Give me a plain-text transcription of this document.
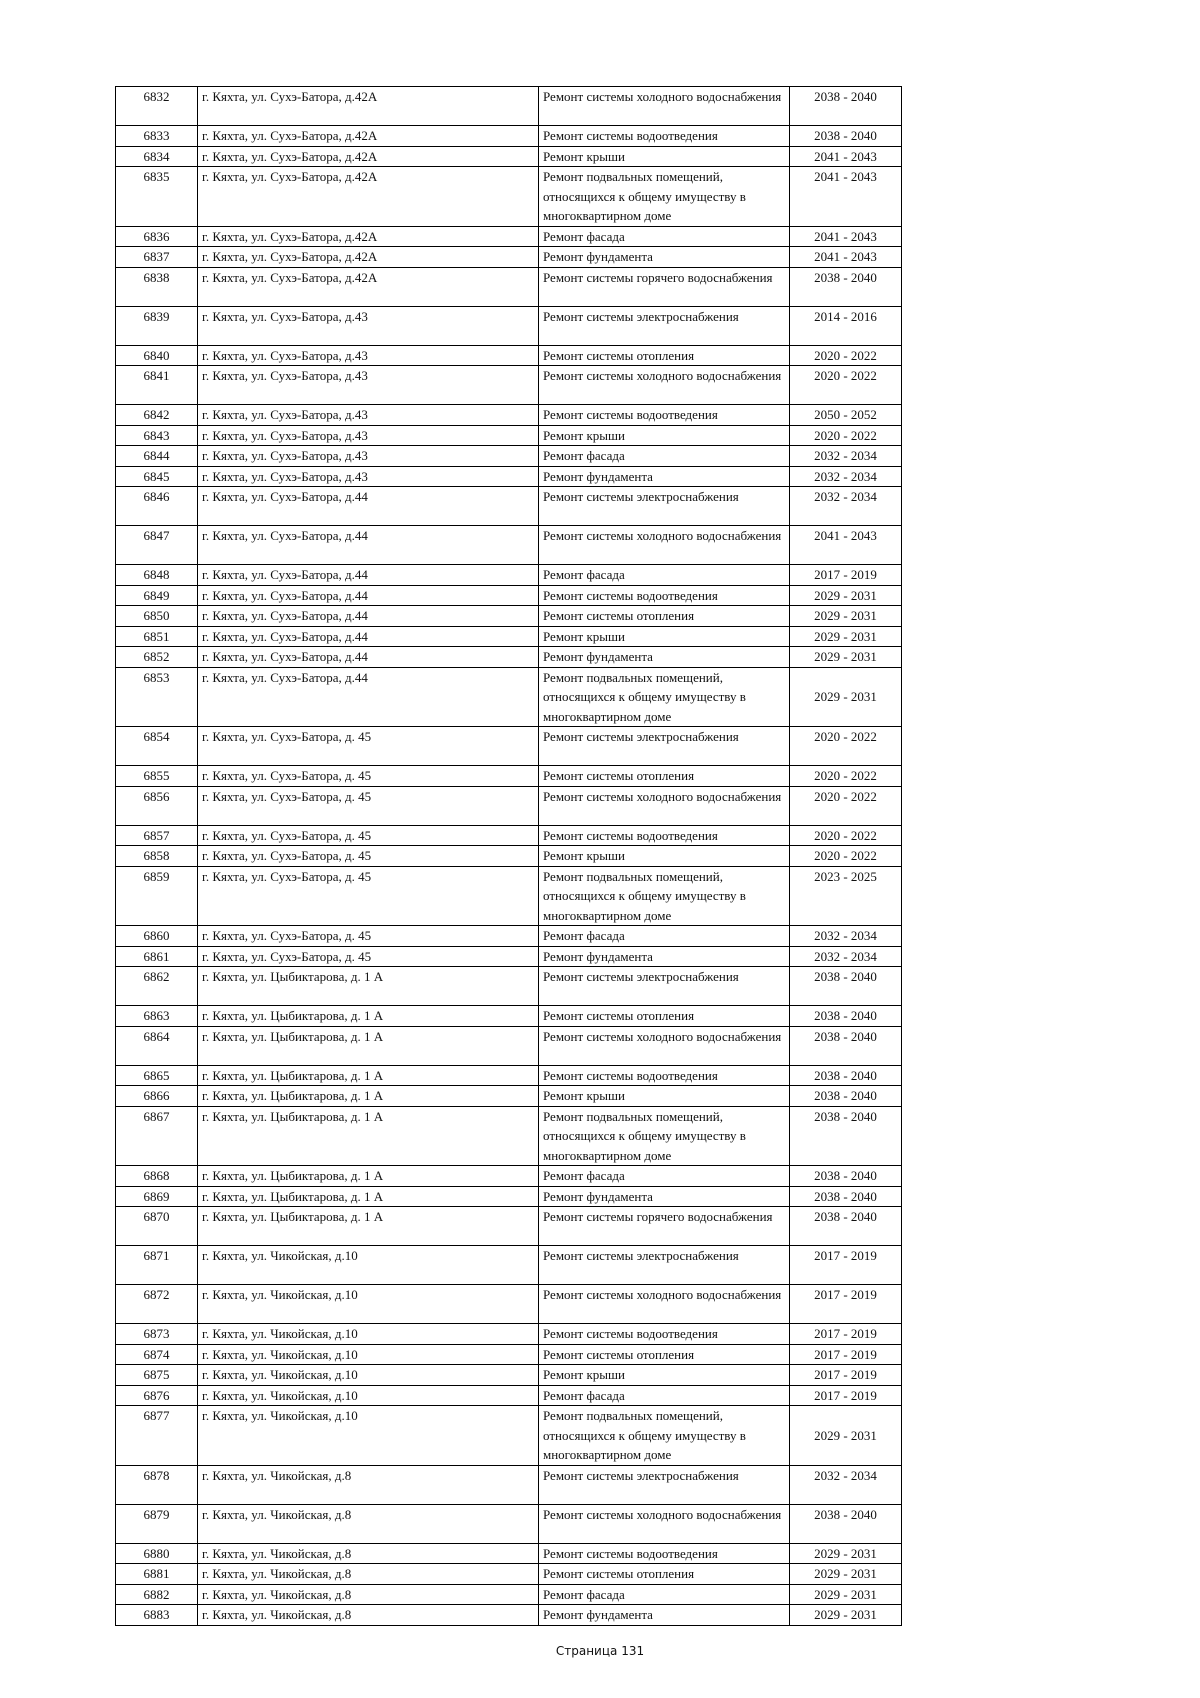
6832	г. Кяхта, ул. Сухэ-Батора, д.42А	Ремонт системы холодного водоснабжения	2038 - 2040
6833	г. Кяхта, ул. Сухэ-Батора, д.42А	Ремонт системы водоотведения	2038 - 2040
6834	г. Кяхта, ул. Сухэ-Батора, д.42А	Ремонт крыши	2041 - 2043
6835	г. Кяхта, ул. Сухэ-Батора, д.42А	Ремонт подвальных помещений, относящихся к общему имуществу в многоквартирном доме	2041 - 2043
6836	г. Кяхта, ул. Сухэ-Батора, д.42А	Ремонт фасада	2041 - 2043
6837	г. Кяхта, ул. Сухэ-Батора, д.42А	Ремонт фундамента	2041 - 2043
6838	г. Кяхта, ул. Сухэ-Батора, д.42А	Ремонт системы горячего водоснабжения	2038 - 2040
6839	г. Кяхта, ул. Сухэ-Батора, д.43	Ремонт системы электроснабжения	2014 - 2016
6840	г. Кяхта, ул. Сухэ-Батора, д.43	Ремонт системы отопления	2020 - 2022
6841	г. Кяхта, ул. Сухэ-Батора, д.43	Ремонт системы холодного водоснабжения	2020 - 2022
6842	г. Кяхта, ул. Сухэ-Батора, д.43	Ремонт системы водоотведения	2050 - 2052
6843	г. Кяхта, ул. Сухэ-Батора, д.43	Ремонт крыши	2020 - 2022
6844	г. Кяхта, ул. Сухэ-Батора, д.43	Ремонт фасада	2032 - 2034
6845	г. Кяхта, ул. Сухэ-Батора, д.43	Ремонт фундамента	2032 - 2034
6846	г. Кяхта, ул. Сухэ-Батора, д.44	Ремонт системы электроснабжения	2032 - 2034
6847	г. Кяхта, ул. Сухэ-Батора, д.44	Ремонт системы холодного водоснабжения	2041 - 2043
6848	г. Кяхта, ул. Сухэ-Батора, д.44	Ремонт фасада	2017 - 2019
6849	г. Кяхта, ул. Сухэ-Батора, д.44	Ремонт системы водоотведения	2029 - 2031
6850	г. Кяхта, ул. Сухэ-Батора, д.44	Ремонт системы отопления	2029 - 2031
6851	г. Кяхта, ул. Сухэ-Батора, д.44	Ремонт крыши	2029 - 2031
6852	г. Кяхта, ул. Сухэ-Батора, д.44	Ремонт фундамента	2029 - 2031
6853	г. Кяхта, ул. Сухэ-Батора, д.44	Ремонт подвальных помещений, относящихся к общему имуществу в многоквартирном доме	2029 - 2031
6854	г. Кяхта, ул. Сухэ-Батора, д. 45	Ремонт системы электроснабжения	2020 - 2022
6855	г. Кяхта, ул. Сухэ-Батора, д. 45	Ремонт системы отопления	2020 - 2022
6856	г. Кяхта, ул. Сухэ-Батора, д. 45	Ремонт системы холодного водоснабжения	2020 - 2022
6857	г. Кяхта, ул. Сухэ-Батора, д. 45	Ремонт системы водоотведения	2020 - 2022
6858	г. Кяхта, ул. Сухэ-Батора, д. 45	Ремонт крыши	2020 - 2022
6859	г. Кяхта, ул. Сухэ-Батора, д. 45	Ремонт подвальных помещений, относящихся к общему имуществу в многоквартирном доме	2023 - 2025
6860	г. Кяхта, ул. Сухэ-Батора, д. 45	Ремонт фасада	2032 - 2034
6861	г. Кяхта, ул. Сухэ-Батора, д. 45	Ремонт фундамента	2032 - 2034
6862	г. Кяхта, ул. Цыбиктарова, д. 1 А	Ремонт системы электроснабжения	2038 - 2040
6863	г. Кяхта, ул. Цыбиктарова, д. 1 А	Ремонт системы отопления	2038 - 2040
6864	г. Кяхта, ул. Цыбиктарова, д. 1 А	Ремонт системы холодного водоснабжения	2038 - 2040
6865	г. Кяхта, ул. Цыбиктарова, д. 1 А	Ремонт системы водоотведения	2038 - 2040
6866	г. Кяхта, ул. Цыбиктарова, д. 1 А	Ремонт крыши	2038 - 2040
6867	г. Кяхта, ул. Цыбиктарова, д. 1 А	Ремонт подвальных помещений, относящихся к общему имуществу в многоквартирном доме	2038 - 2040
6868	г. Кяхта, ул. Цыбиктарова, д. 1 А	Ремонт фасада	2038 - 2040
6869	г. Кяхта, ул. Цыбиктарова, д. 1 А	Ремонт фундамента	2038 - 2040
6870	г. Кяхта, ул. Цыбиктарова, д. 1 А	Ремонт системы горячего водоснабжения	2038 - 2040
6871	г. Кяхта, ул. Чикойская, д.10	Ремонт системы электроснабжения	2017 - 2019
6872	г. Кяхта, ул. Чикойская, д.10	Ремонт системы холодного водоснабжения	2017 - 2019
6873	г. Кяхта, ул. Чикойская, д.10	Ремонт системы водоотведения	2017 - 2019
6874	г. Кяхта, ул. Чикойская, д.10	Ремонт системы отопления	2017 - 2019
6875	г. Кяхта, ул. Чикойская, д.10	Ремонт крыши	2017 - 2019
6876	г. Кяхта, ул. Чикойская, д.10	Ремонт фасада	2017 - 2019
6877	г. Кяхта, ул. Чикойская, д.10	Ремонт подвальных помещений, относящихся к общему имуществу в многоквартирном доме	2029 - 2031
6878	г. Кяхта, ул. Чикойская, д.8	Ремонт системы электроснабжения	2032 - 2034
6879	г. Кяхта, ул. Чикойская, д.8	Ремонт системы холодного водоснабжения	2038 - 2040
6880	г. Кяхта, ул. Чикойская, д.8	Ремонт системы водоотведения	2029 - 2031
6881	г. Кяхта, ул. Чикойская, д.8	Ремонт системы отопления	2029 - 2031
6882	г. Кяхта, ул. Чикойская, д.8	Ремонт фасада	2029 - 2031
6883	г. Кяхта, ул. Чикойская, д.8	Ремонт фундамента	2029 - 2031
Страница 131
